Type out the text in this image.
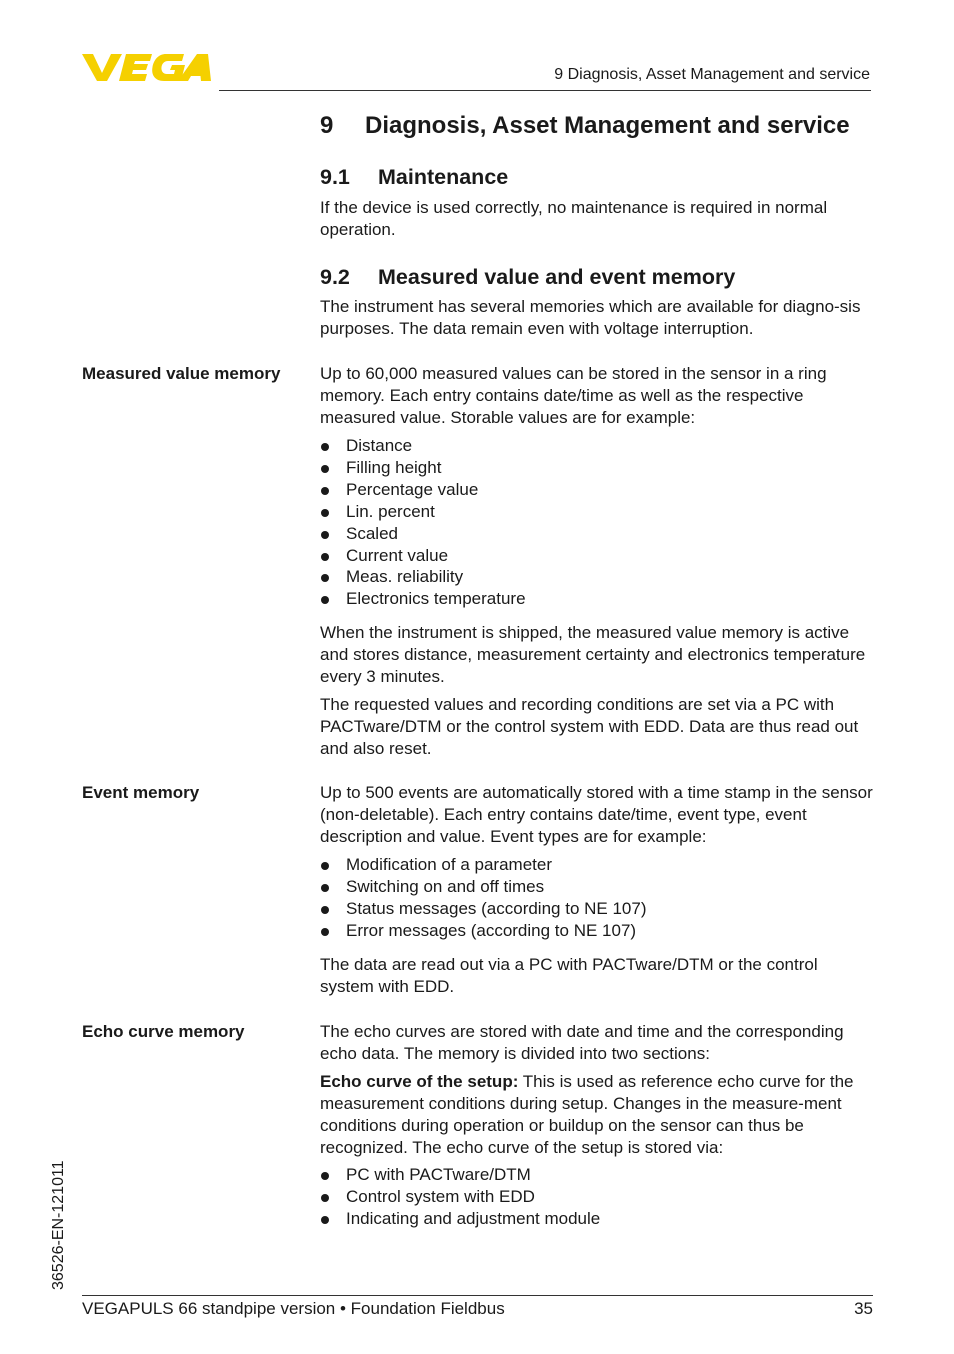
9 Diagnosis, Asset Management and service
9 Diagnosis, Asset Management and service
9.1 Maintenance

If the device is used correctly, no maintenance is required in normal operation.

9.2 Measured value and event memory

The instrument has several memories which are available for diagno-sis purposes. The data remain even with voltage interruption.

Measured value memory	Up to 60,000 measured values can be stored in the sensor in a ring memory. Each entry contains date/time as well as the respective measured value. Storable values are for example:

Distance
Filling height
Percentage value
Lin. percent
Scaled
Current value
Meas. reliability
Electronics temperature

When the instrument is shipped, the measured value memory is active and stores distance, measurement certainty and electronics temperature every 3 minutes.

The requested values and recording conditions are set via a PC with PACTware/DTM or the control system with EDD. Data are thus read out and also reset.

Event memory	Up to 500 events are automatically stored with a time stamp in the sensor (non-deletable). Each entry contains date/time, event type, event description and value. Event types are for example:

Modification of a parameter
Switching on and off times
Status messages (according to NE 107)
Error messages (according to NE 107)

The data are read out via a PC with PACTware/DTM or the control system with EDD.

Echo curve memory	The echo curves are stored with date and time and the corresponding echo data. The memory is divided into two sections:

Echo curve of the setup: This is used as reference echo curve for the measurement conditions during setup. Changes in the measure-ment conditions during operation or buildup on the sensor can thus be recognized. The echo curve of the setup is stored via:

PC with PACTware/DTM
Control system with EDD
Indicating and adjustment module
36526-EN-121011
VEGAPULS 66 standpipe version • Foundation Fieldbus	35
